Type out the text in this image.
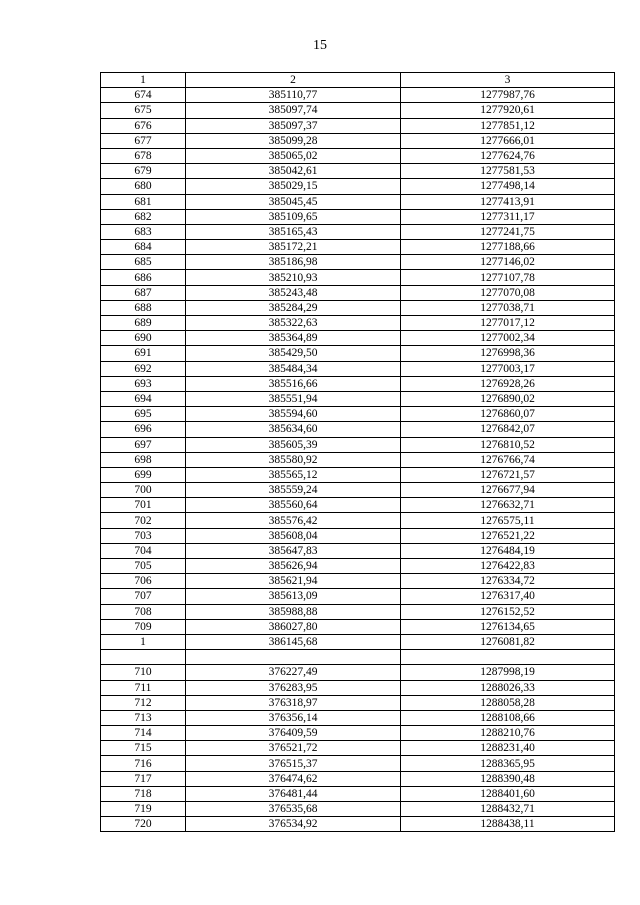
15
1	2	3
674	385110,77	1277987,76
675	385097,74	1277920,61
676	385097,37	1277851,12
677	385099,28	1277666,01
678	385065,02	1277624,76
679	385042,61	1277581,53
680	385029,15	1277498,14
681	385045,45	1277413,91
682	385109,65	1277311,17
683	385165,43	1277241,75
684	385172,21	1277188,66
685	385186,98	1277146,02
686	385210,93	1277107,78
687	385243,48	1277070,08
688	385284,29	1277038,71
689	385322,63	1277017,12
690	385364,89	1277002,34
691	385429,50	1276998,36
692	385484,34	1277003,17
693	385516,66	1276928,26
694	385551,94	1276890,02
695	385594,60	1276860,07
696	385634,60	1276842,07
697	385605,39	1276810,52
698	385580,92	1276766,74
699	385565,12	1276721,57
700	385559,24	1276677,94
701	385560,64	1276632,71
702	385576,42	1276575,11
703	385608,04	1276521,22
704	385647,83	1276484,19
705	385626,94	1276422,83
706	385621,94	1276334,72
707	385613,09	1276317,40
708	385988,88	1276152,52
709	386027,80	1276134,65
1	386145,68	1276081,82

710	376227,49	1287998,19
711	376283,95	1288026,33
712	376318,97	1288058,28
713	376356,14	1288108,66
714	376409,59	1288210,76
715	376521,72	1288231,40
716	376515,37	1288365,95
717	376474,62	1288390,48
718	376481,44	1288401,60
719	376535,68	1288432,71
720	376534,92	1288438,11
